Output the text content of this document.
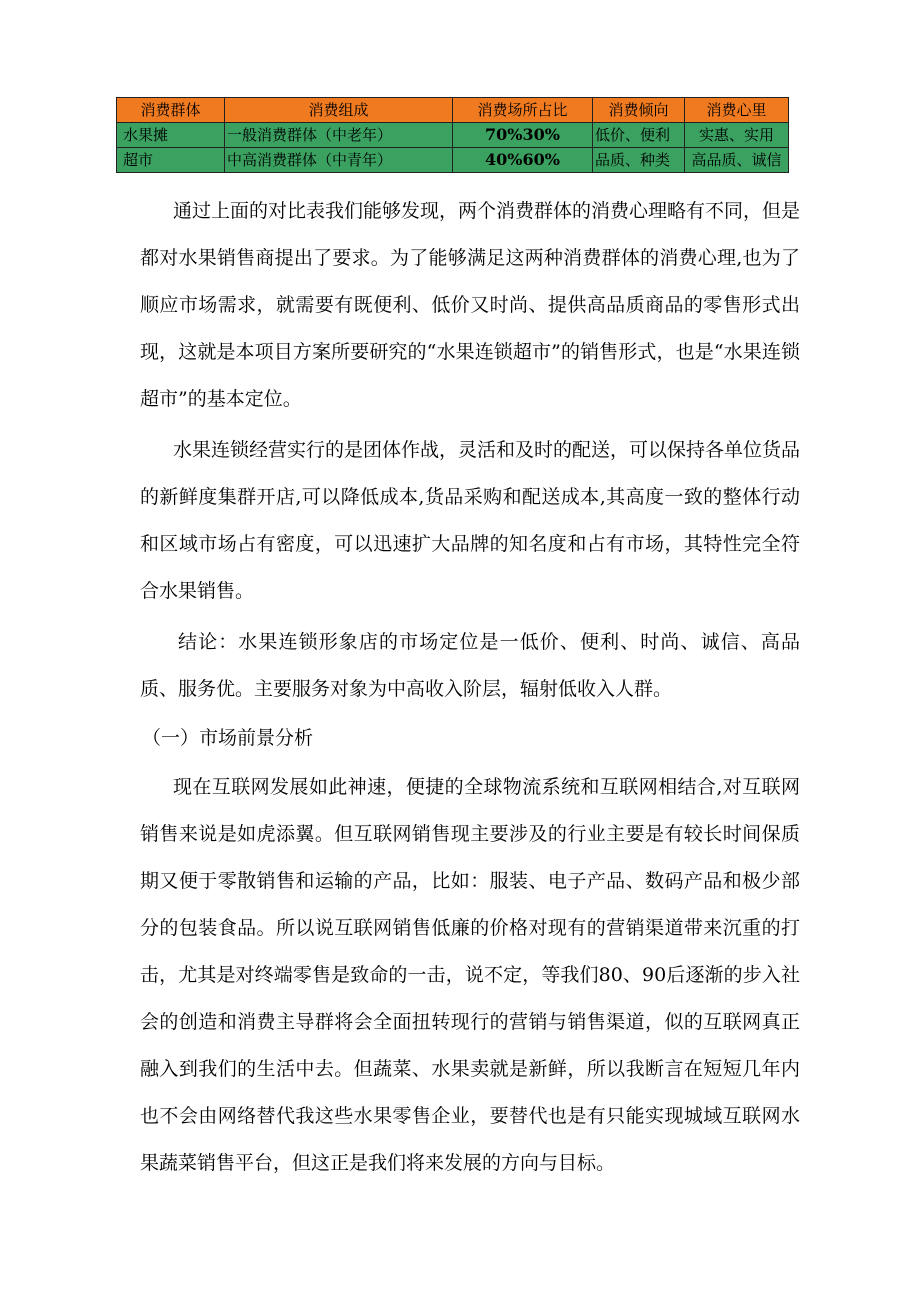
消费群体	消费组成	消费场所占比	消费倾向	消费心里
水果摊	一般消费群体（中老年）	70%30%	低价、便利	实惠、实用
超市	中高消费群体（中青年）	40%60%	品质、种类	高品质、诚信

通过上面的对比表我们能够发现，两个消费群体的消费心理略有不同，但是都对水果销售商提出了要求。为了能够满足这两种消费群体的消费心理,也为了顺应市场需求，就需要有既便利、低价又时尚、提供高品质商品的零售形式出现，这就是本项目方案所要研究的“水果连锁超市”的销售形式，也是“水果连锁超市”的基本定位。

水果连锁经营实行的是团体作战，灵活和及时的配送，可以保持各单位货品的新鲜度集群开店,可以降低成本,货品采购和配送成本,其高度一致的整体行动和区域市场占有密度，可以迅速扩大品牌的知名度和占有市场，其特性完全符合水果销售。

结论：水果连锁形象店的市场定位是一低价、便利、时尚、诚信、高品质、服务优。主要服务对象为中高收入阶层，辐射低收入人群。

（一）市场前景分析

现在互联网发展如此神速，便捷的全球物流系统和互联网相结合,对互联网销售来说是如虎添翼。但互联网销售现主要涉及的行业主要是有较长时间保质期又便于零散销售和运输的产品，比如：服装、电子产品、数码产品和极少部分的包装食品。所以说互联网销售低廉的价格对现有的营销渠道带来沉重的打击，尤其是对终端零售是致命的一击，说不定，等我们80、90后逐渐的步入社会的创造和消费主导群将会全面扭转现行的营销与销售渠道，似的互联网真正融入到我们的生活中去。但蔬菜、水果卖就是新鲜，所以我断言在短短几年内也不会由网络替代我这些水果零售企业，要替代也是有只能实现城域互联网水果蔬菜销售平台，但这正是我们将来发展的方向与目标。
